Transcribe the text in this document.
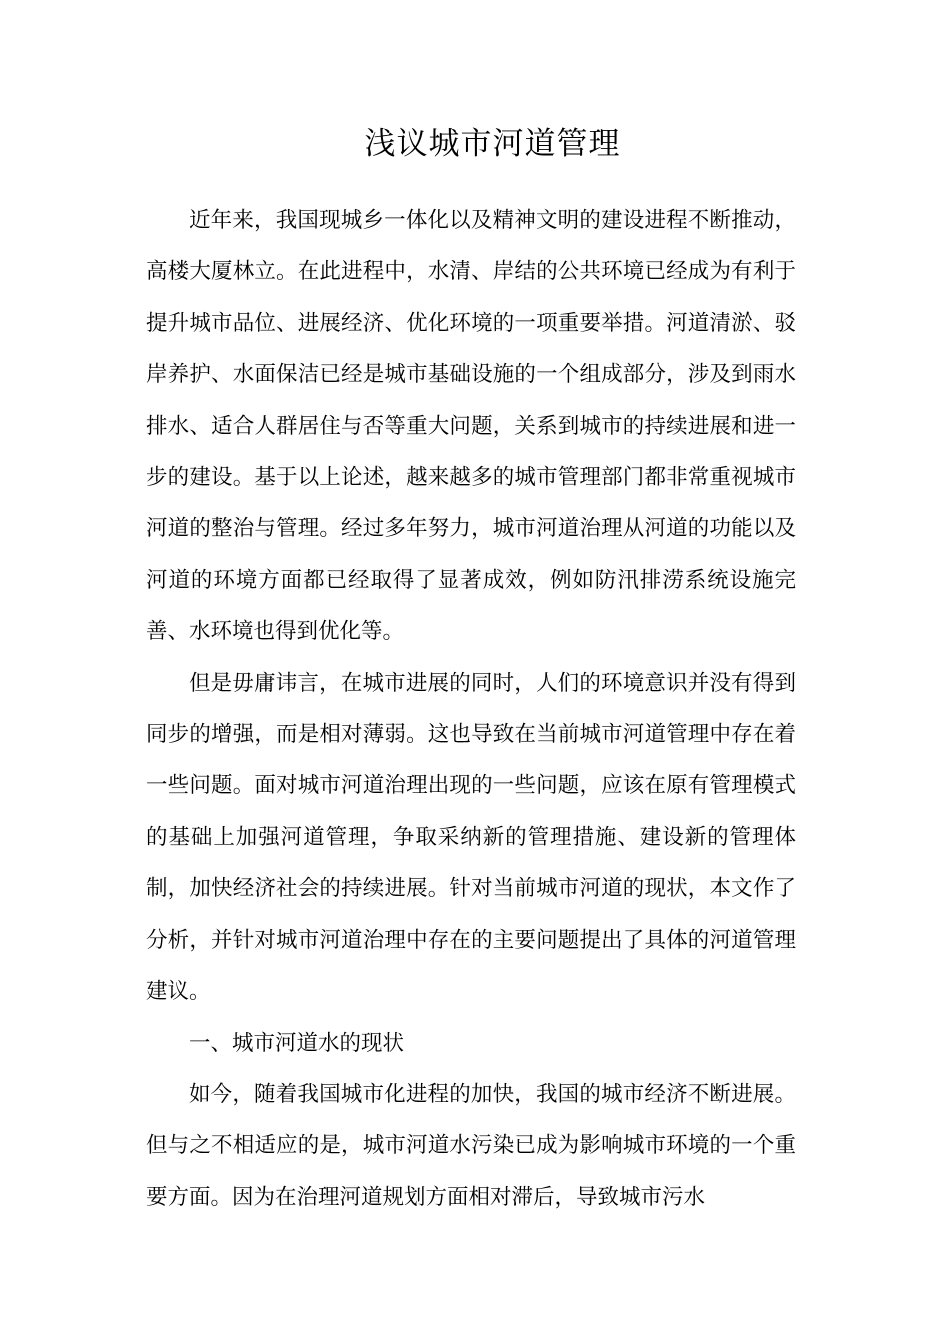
浅议城市河道管理

近年来，我国现城乡一体化以及精神文明的建设进程不断推动，高楼大厦林立。在此进程中，水清、岸结的公共环境已经成为有利于提升城市品位、进展经济、优化环境的一项重要举措。河道清淤、驳岸养护、水面保洁已经是城市基础设施的一个组成部分，涉及到雨水排水、适合人群居住与否等重大问题，关系到城市的持续进展和进一步的建设。基于以上论述，越来越多的城市管理部门都非常重视城市河道的整治与管理。经过多年努力，城市河道治理从河道的功能以及河道的环境方面都已经取得了显著成效，例如防汛排涝系统设施完善、水环境也得到优化等。

但是毋庸讳言，在城市进展的同时，人们的环境意识并没有得到同步的增强，而是相对薄弱。这也导致在当前城市河道管理中存在着一些问题。面对城市河道治理出现的一些问题，应该在原有管理模式的基础上加强河道管理，争取采纳新的管理措施、建设新的管理体制，加快经济社会的持续进展。针对当前城市河道的现状，本文作了分析，并针对城市河道治理中存在的主要问题提出了具体的河道管理建议。

一、城市河道水的现状

如今，随着我国城市化进程的加快，我国的城市经济不断进展。但与之不相适应的是，城市河道水污染已成为影响城市环境的一个重要方面。因为在治理河道规划方面相对滞后，导致城市污水
